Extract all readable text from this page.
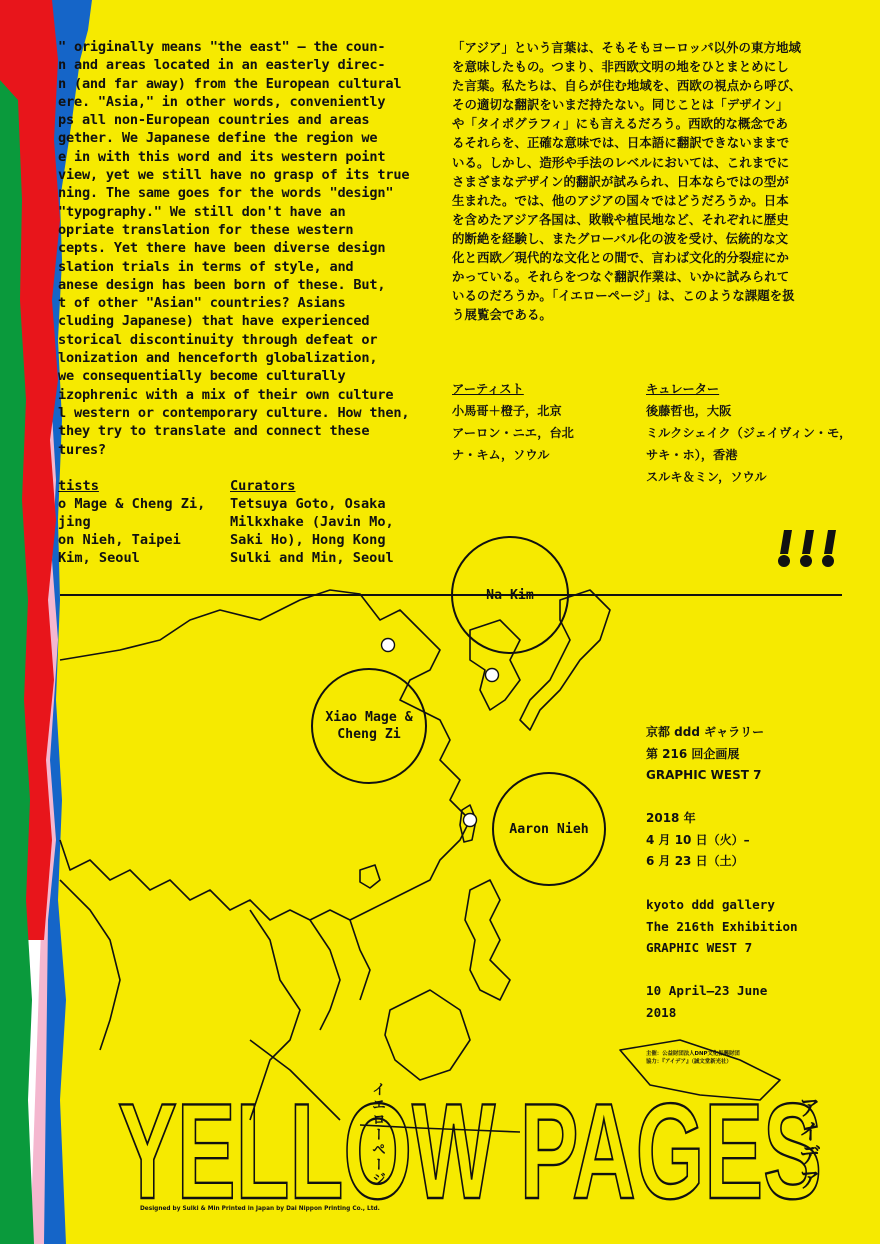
" originally means "the east" — the coun-
n and areas located in an easterly direc-
n (and far away) from the European cultural
ere. "Asia," in other words, conveniently
ps all non-European countries and areas
gether. We Japanese define the region we
e in with this word and its western point
view, yet we still have no grasp of its true
ning. The same goes for the words "design"
"typography." We still don't have an
opriate translation for these western
cepts. Yet there have been diverse design
slation trials in terms of style, and
anese design has been born of these. But,
t of other "Asian" countries? Asians
cluding Japanese) that have experienced
storical discontinuity through defeat or
lonization and henceforth globalization,
we consequentially become culturally
izophrenic with a mix of their own culture
l western or contemporary culture. How then,
they try to translate and connect these
tures?

「アジア」という言葉は、そもそもヨーロッパ以外の東方地域
を意味したもの。つまり、非西欧文明の地をひとまとめにし
た言葉。私たちは、自らが住む地域を、西欧の視点から呼び、
その適切な翻訳をいまだ持たない。同じことは「デザイン」
や「タイポグラフィ」にも言えるだろう。西欧的な概念であ
るそれらを、正確な意味では、日本語に翻訳できないままで
いる。しかし、造形や手法のレベルにおいては、これまでに
さまざまなデザイン的翻訳が試みられ、日本ならではの型が
生まれた。では、他のアジアの国々ではどうだろうか。日本
を含めたアジア各国は、敗戦や植民地など、それぞれに歴史
的断絶を経験し、またグローバル化の波を受け、伝統的な文
化と西欧／現代的な文化との間で、言わば文化的分裂症にか
かっている。それらをつなぐ翻訳作業は、いかに試みられて
いるのだろうか。「イエローページ」は、このような課題を扱
う展覧会である。

tists

o Mage & Cheng Zi,
jing
on Nieh, Taipei
Kim, Seoul

Curators

Tetsuya Goto, Osaka
Milkxhake (Javin Mo,
Saki Ho), Hong Kong
Sulki and Min, Seoul

アーティスト

小馬哥＋橙子，北京
アーロン・ニエ，台北
ナ・キム，ソウル

キュレーター

後藤哲也，大阪
ミルクシェイク（ジェイヴィン・モ，
サキ・ホ），香港
スルキ＆ミン，ソウル

Na Kim
Xiao Mage &
Cheng Zi
Aaron Nieh

京都 ddd ギャラリー
第 216 回企画展
GRAPHIC WEST 7

2018 年
4 月 10 日（火）–
6 月 23 日（土）

kyoto ddd gallery
The 216th Exhibition
GRAPHIC WEST 7

10 April—23 June
2018

主催：公益財団法人DNP文化振興財団
協力：『アイデア』（誠文堂新光社）

YELLOW PAGES
イエローページ	アイデア
Designed by Sulki & Min Printed in Japan by Dai Nippon Printing Co., Ltd.
